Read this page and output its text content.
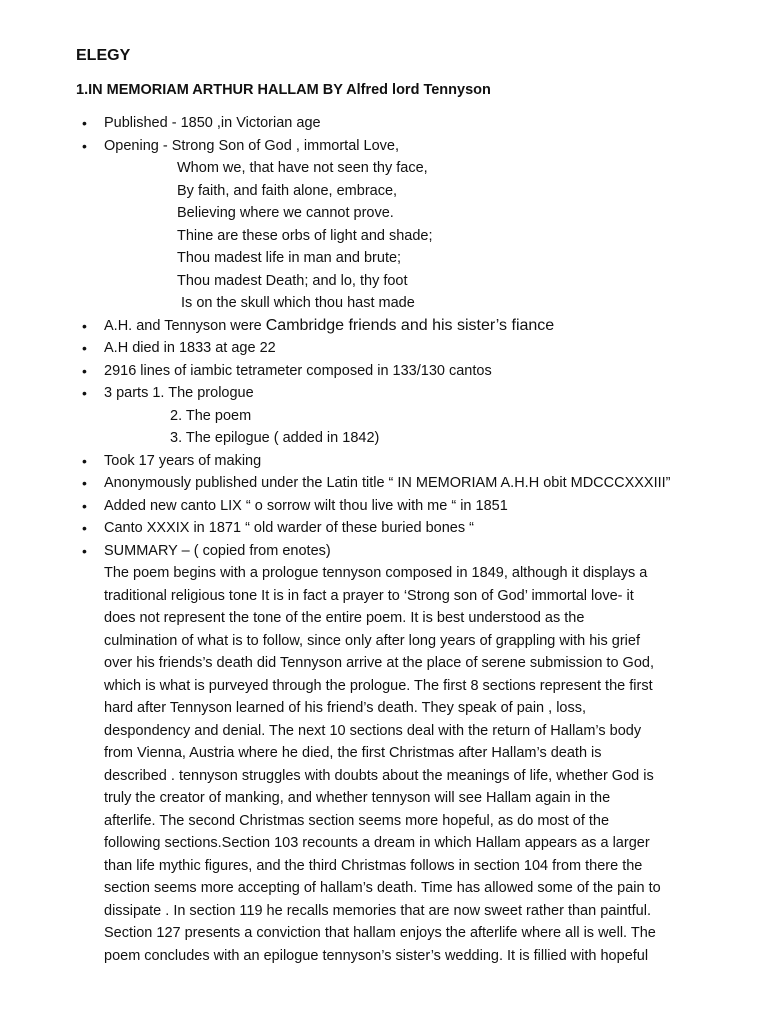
ELEGY
1.IN MEMORIAM ARTHUR HALLAM BY Alfred lord Tennyson
• Published - 1850 ,in Victorian age
• Opening - Strong Son of God , immortal Love,
Whom we, that have not seen thy face,
By faith, and faith alone, embrace,
Believing where we cannot prove.
Thine are these orbs of light and shade;
Thou madest life in man and brute;
Thou madest Death; and lo, thy foot
Is on the skull which thou hast made
• A.H. and Tennyson were Cambridge friends and his sister’s fiance
• A.H died in 1833 at age 22
• 2916 lines of iambic tetrameter composed in 133/130 cantos
• 3 parts 1. The prologue
2. The poem
3. The epilogue ( added in 1842)
• Took 17 years of making
• Anonymously published under the Latin title “ IN MEMORIAM A.H.H obit MDCCCXXXIII”
• Added new canto LIX “ o sorrow wilt thou live with me “ in 1851
• Canto XXXIX in 1871 “ old warder of these buried bones “
• SUMMARY – ( copied from enotes)
The poem begins with a prologue tennyson composed in 1849, although it displays a
traditional religious tone It is in fact a prayer to ‘Strong son of God’ immortal love- it
does not represent the tone of the entire poem. It is best understood as the
culmination of what is to follow, since only after long years of grappling with his grief
over his friends’s death did Tennyson arrive at the place of serene submission to God,
which is what is purveyed through the prologue. The first 8 sections represent the first
hard after Tennyson learned of his friend’s death. They speak of pain , loss,
despondency and denial. The next 10 sections deal with the return of Hallam’s body
from Vienna, Austria where he died, the first Christmas after Hallam’s death is
described . tennyson struggles with doubts about the meanings of life, whether God is
truly the creator of manking, and whether tennyson will see Hallam again in the
afterlife. The second Christmas section seems more hopeful, as do most of the
following sections.Section 103 recounts a dream in which Hallam appears as a larger
than life mythic figures, and the third Christmas follows in section 104 from there the
section seems more accepting of hallam’s death. Time has allowed some of the pain to
dissipate . In section 119 he recalls memories that are now sweet rather than paintful.
Section 127 presents a conviction that hallam enjoys the afterlife where all is well. The
poem concludes with an epilogue tennyson’s sister’s wedding. It is fillied with hopeful
